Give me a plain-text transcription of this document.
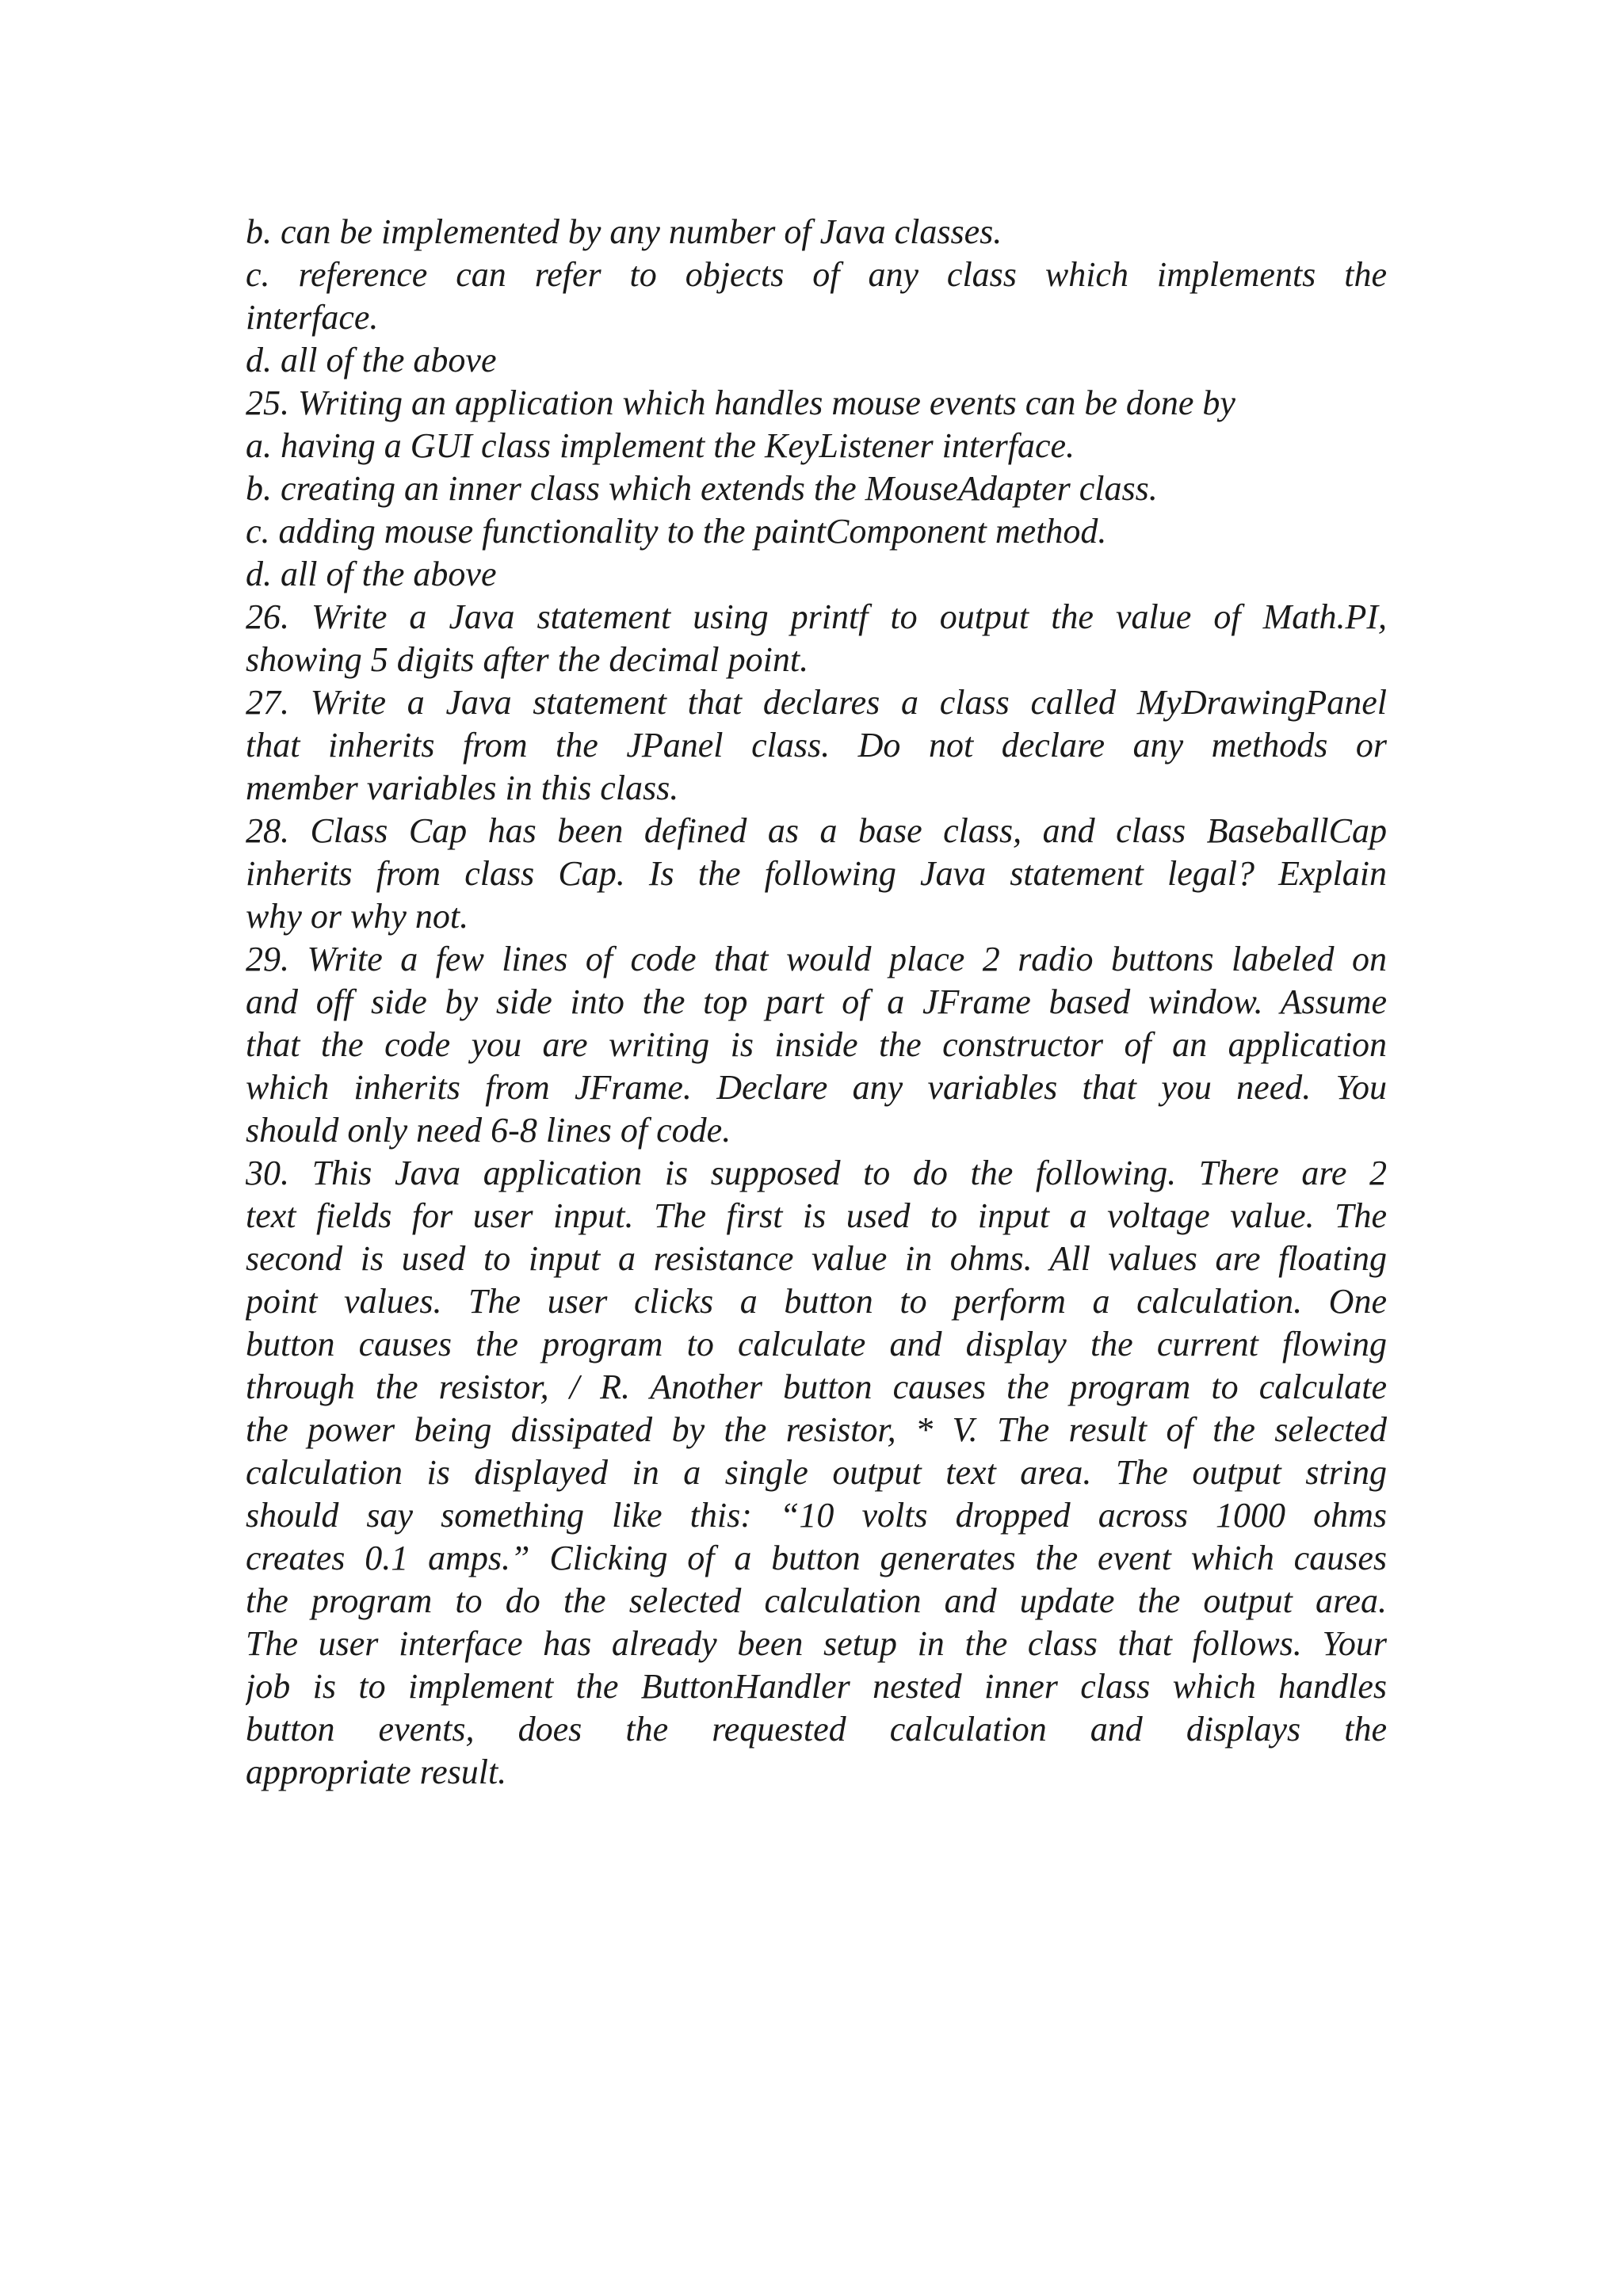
b. can be implemented by any number of Java classes.
c. reference can refer to objects of any class which implements the
interface.
d. all of the above
25. Writing an application which handles mouse events can be done by
a. having a GUI class implement the KeyListener interface.
b. creating an inner class which extends the MouseAdapter class.
c. adding mouse functionality to the paintComponent method.
d. all of the above
26. Write a Java statement using printf to output the value of Math.PI,
showing 5 digits after the decimal point.
27. Write a Java statement that declares a class called MyDrawingPanel
that inherits from the JPanel class. Do not declare any methods or
member variables in this class.
28. Class Cap has been defined as a base class, and class BaseballCap
inherits from class Cap. Is the following Java statement legal? Explain
why or why not.
29. Write a few lines of code that would place 2 radio buttons labeled on
and off side by side into the top part of a JFrame based window. Assume
that the code you are writing is inside the constructor of an application
which inherits from JFrame. Declare any variables that you need. You
should only need 6-8 lines of code.
30. This Java application is supposed to do the following. There are 2
text fields for user input. The first is used to input a voltage value. The
second is used to input a resistance value in ohms. All values are floating
point values. The user clicks a button to perform a calculation. One
button causes the program to calculate and display the current flowing
through the resistor, / R. Another button causes the program to calculate
the power being dissipated by the resistor, * V. The result of the selected
calculation is displayed in a single output text area. The output string
should say something like this: “10 volts dropped across 1000 ohms
creates 0.1 amps.” Clicking of a button generates the event which causes
the program to do the selected calculation and update the output area.
The user interface has already been setup in the class that follows. Your
job is to implement the ButtonHandler nested inner class which handles
button events, does the requested calculation and displays the
appropriate result.
